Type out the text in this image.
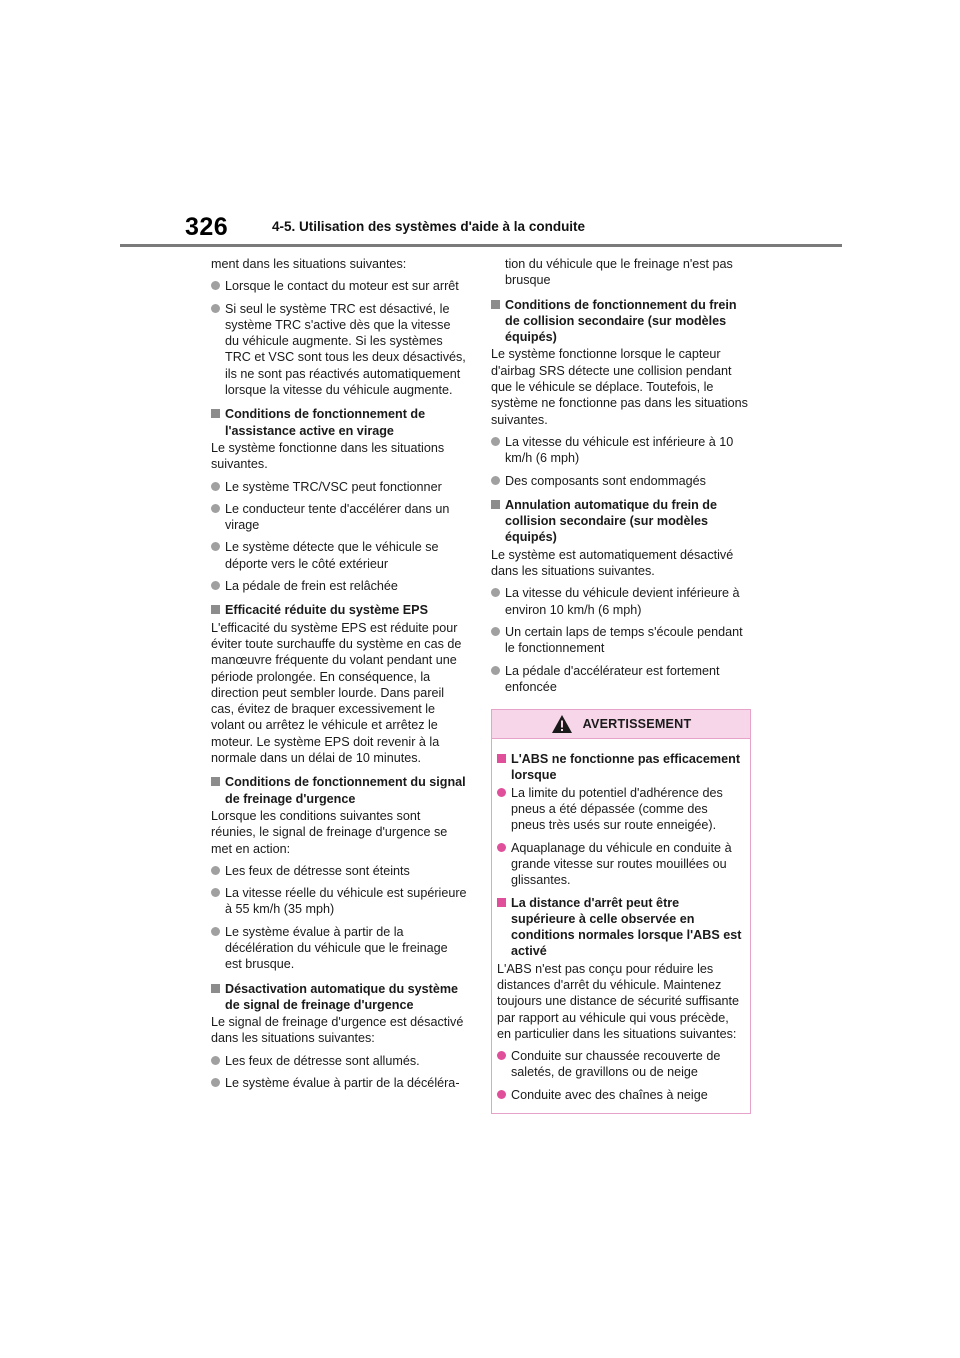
326	4-5. Utilisation des systèmes d'aide à la conduite

ment dans les situations suivantes:

Lorsque le contact du moteur est sur arrêt
Si seul le système TRC est désactivé, le système TRC s'active dès que la vitesse du véhicule augmente. Si les systèmes TRC et VSC sont tous les deux désactivés, ils ne sont pas réactivés automatiquement lorsque la vitesse du véhicule augmente.
Conditions de fonctionnement de l'assistance active en virage

Le système fonctionne dans les situations suivantes.

Le système TRC/VSC peut fonctionner
Le conducteur tente d'accélérer dans un virage
Le système détecte que le véhicule se déporte vers le côté extérieur
La pédale de frein est relâchée
Efficacité réduite du système EPS

L'efficacité du système EPS est réduite pour éviter toute surchauffe du système en cas de manœuvre fréquente du volant pendant une période prolongée. En conséquence, la direction peut sembler lourde. Dans pareil cas, évitez de braquer excessivement le volant ou arrêtez le véhicule et arrêtez le moteur. Le système EPS doit revenir à la normale dans un délai de 10 minutes.

Conditions de fonctionnement du signal de freinage d'urgence

Lorsque les conditions suivantes sont réunies, le signal de freinage d'urgence se met en action:

Les feux de détresse sont éteints
La vitesse réelle du véhicule est supérieure à 55 km/h (35 mph)
Le système évalue à partir de la décélération du véhicule que le freinage est brusque.
Désactivation automatique du système de signal de freinage d'urgence

Le signal de freinage d'urgence est désactivé dans les situations suivantes:

Les feux de détresse sont allumés.
Le système évalue à partir de la décéléra-
tion du véhicule que le freinage n'est pas brusque
Conditions de fonctionnement du frein de collision secondaire (sur modèles équipés)

Le système fonctionne lorsque le capteur d'airbag SRS détecte une collision pendant que le véhicule se déplace. Toutefois, le système ne fonctionne pas dans les situations suivantes.

La vitesse du véhicule est inférieure à 10 km/h (6 mph)
Des composants sont endommagés
Annulation automatique du frein de collision secondaire (sur modèles équipés)

Le système est automatiquement désactivé dans les situations suivantes.

La vitesse du véhicule devient inférieure à environ 10 km/h (6 mph)
Un certain laps de temps s'écoule pendant le fonctionnement
La pédale d'accélérateur est fortement enfoncée
AVERTISSEMENT
L'ABS ne fonctionne pas efficacement lorsque
La limite du potentiel d'adhérence des pneus a été dépassée (comme des pneus très usés sur route enneigée).
Aquaplanage du véhicule en conduite à grande vitesse sur routes mouillées ou glissantes.
La distance d'arrêt peut être supérieure à celle observée en conditions normales lorsque l'ABS est activé

L'ABS n'est pas conçu pour réduire les distances d'arrêt du véhicule. Maintenez toujours une distance de sécurité suffisante par rapport au véhicule qui vous précède, en particulier dans les situations suivantes:

Conduite sur chaussée recouverte de saletés, de gravillons ou de neige
Conduite avec des chaînes à neige
